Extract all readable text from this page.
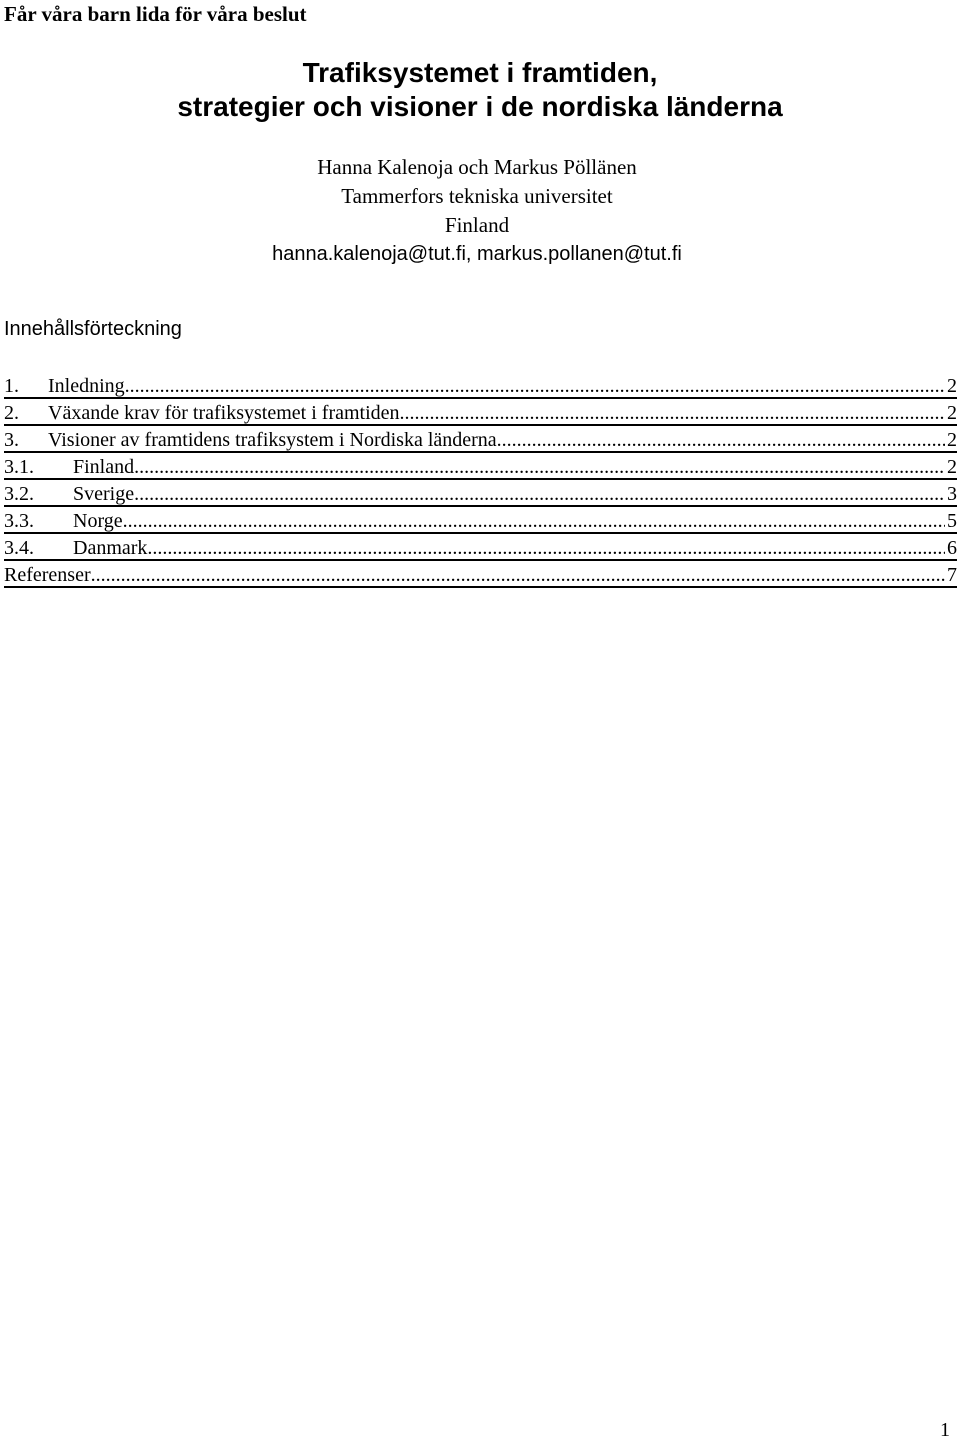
Får våra barn lida för våra beslut
Trafiksystemet i framtiden,
strategier och visioner i de nordiska länderna
Hanna Kalenoja och Markus Pöllänen
Tammerfors tekniska universitet
Finland
hanna.kalenoja@tut.fi, markus.pollanen@tut.fi
Innehållsförteckning
1.	Inledning .....	2
2.	Växande krav för trafiksystemet i framtiden .....	2
3.	Visioner av framtidens trafiksystem i Nordiska länderna .....	2
3.1.	Finland .....	2
3.2.	Sverige .....	3
3.3.	Norge .....	5
3.4.	Danmark .....	6
Referenser .....	7
1
